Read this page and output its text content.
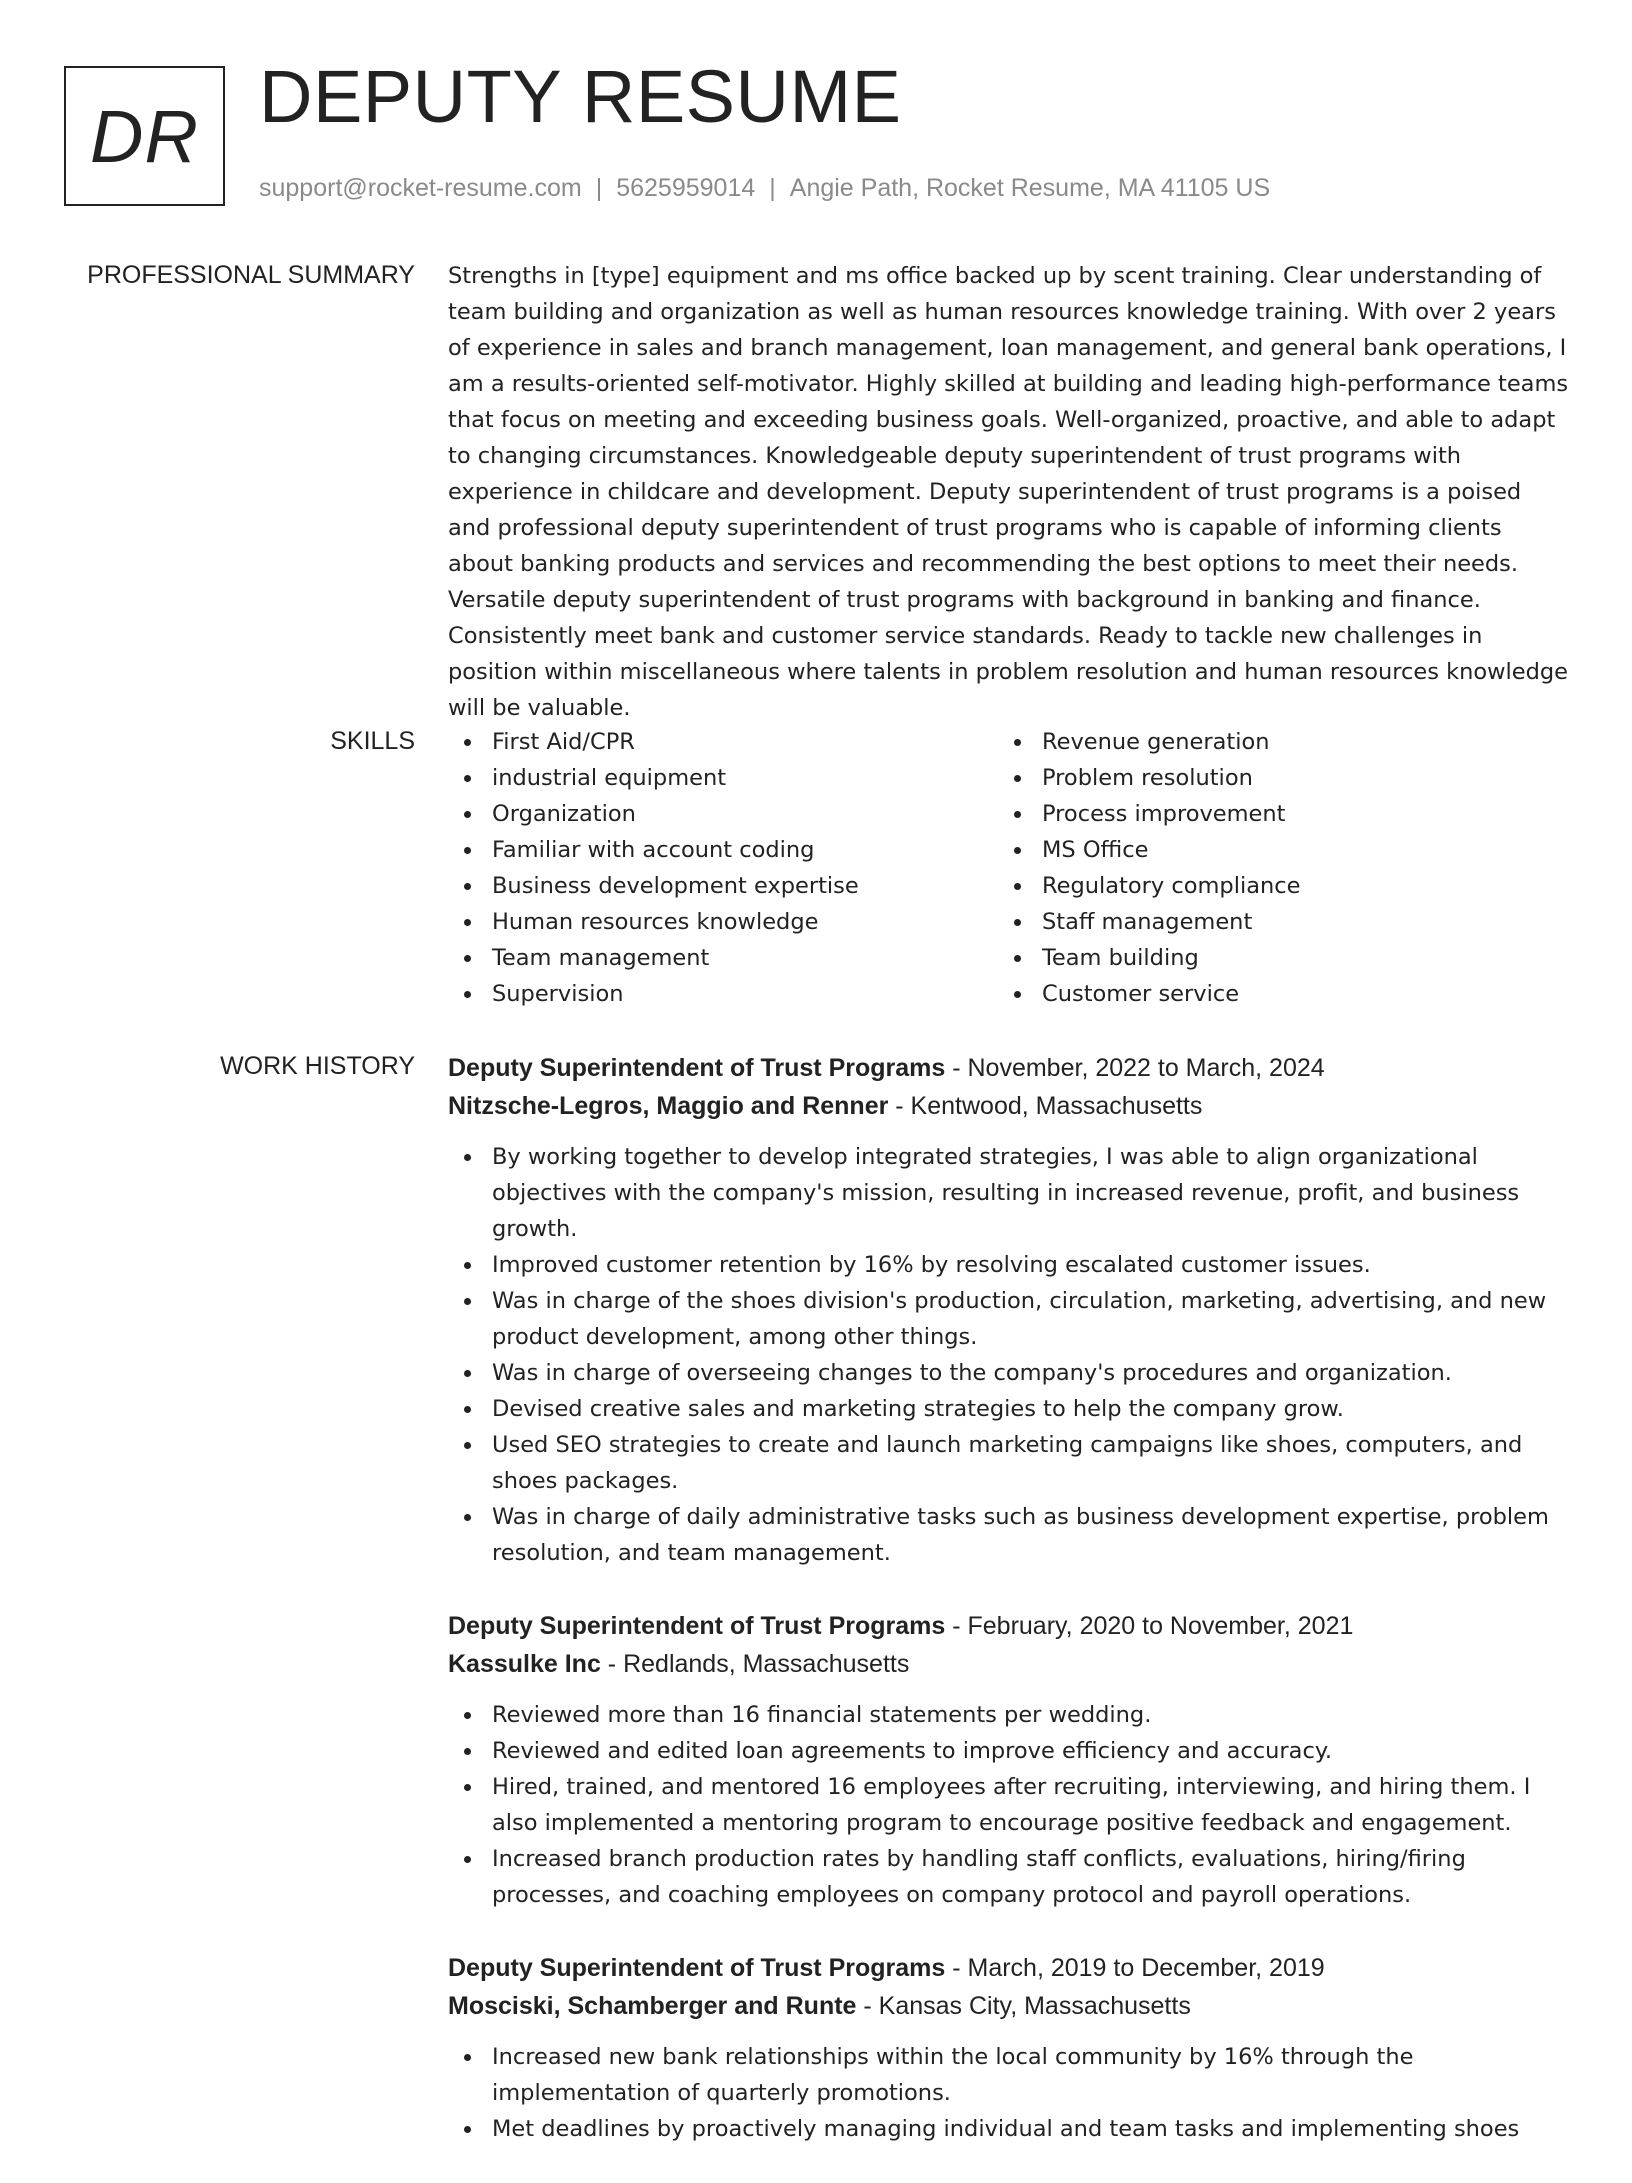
DR DEPUTY RESUME
support@rocket-resume.com | 5625959014 | Angie Path, Rocket Resume, MA 41105 US
PROFESSIONAL SUMMARY Strengths in [type] equipment and ms office backed up by scent training. Clear understanding of team building and organization as well as human resources knowledge training. With over 2 years of experience in sales and branch management, loan management, and general bank operations, I am a results-oriented self-motivator. Highly skilled at building and leading high-performance teams that focus on meeting and exceeding business goals. Well-organized, proactive, and able to adapt to changing circumstances. Knowledgeable deputy superintendent of trust programs with experience in childcare and development. Deputy superintendent of trust programs is a poised and professional deputy superintendent of trust programs who is capable of informing clients about banking products and services and recommending the best options to meet their needs. Versatile deputy superintendent of trust programs with background in banking and finance. Consistently meet bank and customer service standards. Ready to tackle new challenges in position within miscellaneous where talents in problem resolution and human resources knowledge will be valuable.

SKILLS	First Aid/CPR
industrial equipment
Organization
Familiar with account coding
Business development expertise
Human resources knowledge
Team management
Supervision
Revenue generation
Problem resolution
Process improvement
MS Office
Regulatory compliance
Staff management
Team building
Customer service
WORK HISTORY Deputy Superintendent of Trust Programs - November, 2022 to March, 2024
Nitzsche-Legros, Maggio and Renner - Kentwood, Massachusetts
By working together to develop integrated strategies, I was able to align organizational objectives with the company's mission, resulting in increased revenue, profit, and business growth.
Improved customer retention by 16% by resolving escalated customer issues.
Was in charge of the shoes division's production, circulation, marketing, advertising, and new product development, among other things.
Was in charge of overseeing changes to the company's procedures and organization.
Devised creative sales and marketing strategies to help the company grow.
Used SEO strategies to create and launch marketing campaigns like shoes, computers, and shoes packages.
Was in charge of daily administrative tasks such as business development expertise, problem resolution, and team management.
Deputy Superintendent of Trust Programs - February, 2020 to November, 2021
Kassulke Inc - Redlands, Massachusetts
Reviewed more than 16 financial statements per wedding.
Reviewed and edited loan agreements to improve efficiency and accuracy.
Hired, trained, and mentored 16 employees after recruiting, interviewing, and hiring them. I also implemented a mentoring program to encourage positive feedback and engagement.
Increased branch production rates by handling staff conflicts, evaluations, hiring/firing processes, and coaching employees on company protocol and payroll operations.
Deputy Superintendent of Trust Programs - March, 2019 to December, 2019
Mosciski, Schamberger and Runte - Kansas City, Massachusetts
Increased new bank relationships within the local community by 16% through the implementation of quarterly promotions.
Met deadlines by proactively managing individual and team tasks and implementing shoes
